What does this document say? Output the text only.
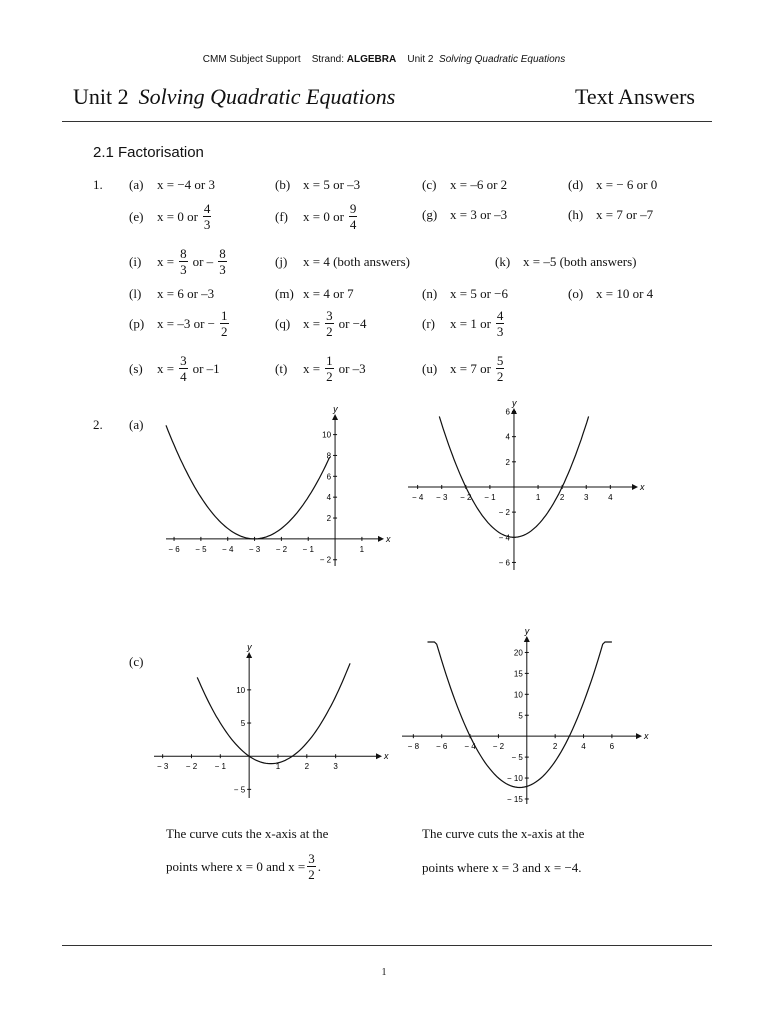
CMM Subject Support Strand: ALGEBRA Unit 2 Solving Quadratic Equations
Unit 2 Solving Quadratic Equations	Text Answers
2.1 Factorisation
1. (a)	x = −4 or 3	(b) x = 5 or –3	(c)	x = –6 or 2	(d) x = − 6 or 0
(e)	x = 0 or $\frac{4}{3}$	(f)	x = 0 or $\frac{9}{4}$	(g) x = 3 or –3	(h) x = 7 or –7
(i)	$x = \frac{8}{3}$ or – $\frac{8}{3}$	(j)	x = 4 (both answers)	(k) x = –5 (both answers)
(l)	x = 6 or –3	(m) x = 4 or 7	(n) x = 5 or −6	(o) x = 10 or 4
(p) x = –3 or − $\frac{1}{2}$	(q) $x = \frac{3}{2}$ or −4	(r)	x = 1 or $\frac{4}{3}$
(s)	$x = \frac{3}{4}$ or –1	(t)	$x = \frac{1}{2}$ or –3	(u) x = 7 or $\frac{5}{2}$
2. (a)
(c)
x
y
− 6 − 5 − 4 − 3 − 2 − 1	1
− 2
2
4
6
8
10
x
y
− 4 − 3 − 2 − 1	1 2 3 4
− 6
− 4
− 2
2
4
6
x
y
− 3 − 2 − 1	1	2	3
− 5
5
10
x
y
− 8 − 6 − 4 − 2	2	4	6
− 15
− 10
− 5
5
10
15
20
The curve cuts the x-axis at the
points where x = 0 and $x = \frac{3}{2}$ .
The curve cuts the x-axis at the
points where x = 3 and x = −4.
1
